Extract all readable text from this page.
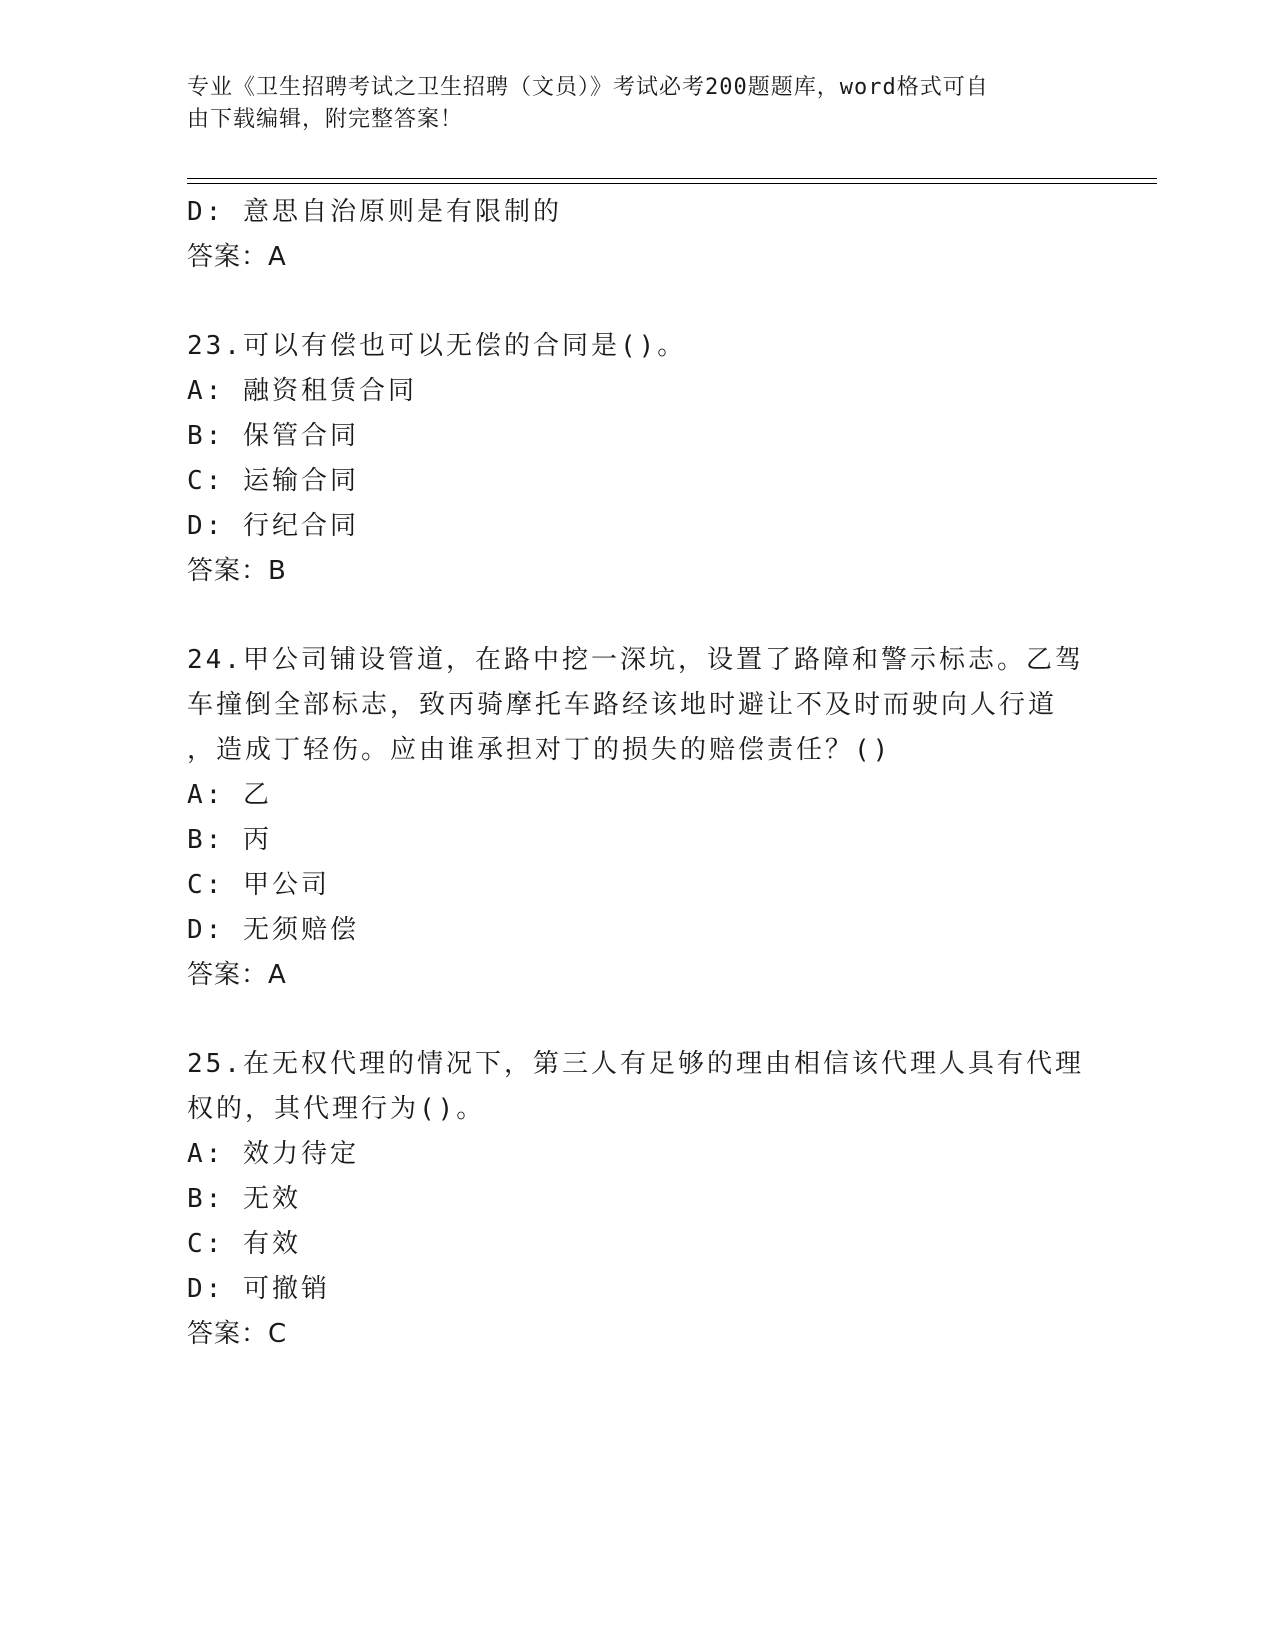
专业《卫生招聘考试之卫生招聘（文员）》考试必考200题题库，word格式可自
由下载编辑，附完整答案！
D: 意思自治原则是有限制的
答案：A
23.可以有偿也可以无偿的合同是()。
A: 融资租赁合同
B: 保管合同
C: 运输合同
D: 行纪合同
答案：B
24.甲公司铺设管道，在路中挖一深坑，设置了路障和警示标志。乙驾
车撞倒全部标志，致丙骑摩托车路经该地时避让不及时而驶向人行道
，造成丁轻伤。应由谁承担对丁的损失的赔偿责任？()
A: 乙
B: 丙
C: 甲公司
D: 无须赔偿
答案：A
25.在无权代理的情况下，第三人有足够的理由相信该代理人具有代理
权的，其代理行为()。
A: 效力待定
B: 无效
C: 有效
D: 可撤销
答案：C
